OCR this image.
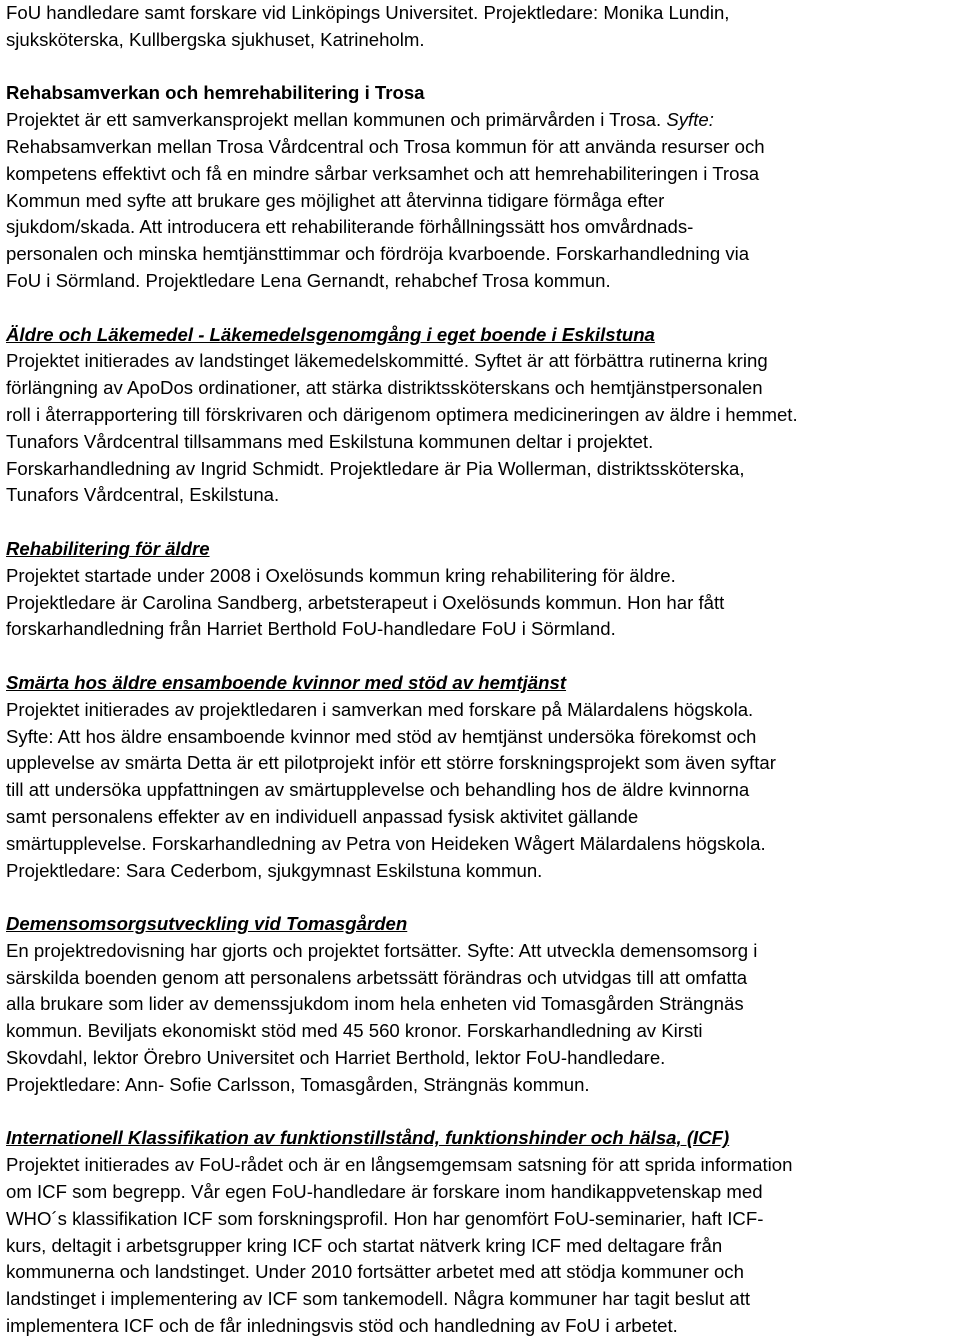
FoU handledare samt forskare vid Linköpings Universitet. Projektledare: Monika Lundin,
sjuksköterska, Kullbergska sjukhuset, Katrineholm.
Rehabsamverkan och hemrehabilitering i Trosa
Projektet är ett samverkansprojekt mellan kommunen och primärvården i Trosa. Syfte:
Rehabsamverkan mellan Trosa Vårdcentral och Trosa kommun för att använda resurser och
kompetens effektivt och få en mindre sårbar verksamhet och att hemrehabiliteringen i Trosa
Kommun med syfte att brukare ges möjlighet att återvinna tidigare förmåga efter
sjukdom/skada. Att introducera ett rehabiliterande förhållningssätt hos omvårdnads-
personalen och minska hemtjänsttimmar och fördröja kvarboende. Forskarhandledning via
FoU i Sörmland. Projektledare Lena Gernandt, rehabchef Trosa kommun.
Äldre och Läkemedel - Läkemedelsgenomgång i eget boende i Eskilstuna
Projektet initierades av landstinget läkemedelskommitté. Syftet är att förbättra rutinerna kring
förlängning av ApoDos ordinationer, att stärka distriktssköterskans och hemtjänstpersonalen
roll i återrapportering till förskrivaren och därigenom optimera medicineringen av äldre i hemmet.
Tunafors Vårdcentral tillsammans med Eskilstuna kommunen deltar i projektet.
Forskarhandledning av Ingrid Schmidt. Projektledare är Pia Wollerman, distriktssköterska,
Tunafors Vårdcentral, Eskilstuna.
Rehabilitering för äldre
Projektet startade under 2008 i Oxelösunds kommun kring rehabilitering för äldre.
Projektledare är Carolina Sandberg, arbetsterapeut i Oxelösunds kommun. Hon har fått
forskarhandledning från Harriet Berthold FoU-handledare FoU i Sörmland.
Smärta hos äldre ensamboende kvinnor med stöd av hemtjänst
Projektet initierades av projektledaren i samverkan med forskare på Mälardalens högskola.
Syfte: Att hos äldre ensamboende kvinnor med stöd av hemtjänst undersöka förekomst och
upplevelse av smärta Detta är ett pilotprojekt inför ett större forskningsprojekt som även syftar
till att undersöka uppfattningen av smärtupplevelse och behandling hos de äldre kvinnorna
samt personalens effekter av en individuell anpassad fysisk aktivitet gällande
smärtupplevelse. Forskarhandledning av Petra von Heideken Wågert Mälardalens högskola.
Projektledare: Sara Cederbom, sjukgymnast Eskilstuna kommun.
Demensomsorgsutveckling vid Tomasgården
En projektredovisning har gjorts och projektet fortsätter. Syfte: Att utveckla demensomsorg i
särskilda boenden genom att personalens arbetssätt förändras och utvidgas till att omfatta
alla brukare som lider av demenssjukdom inom hela enheten vid Tomasgården Strängnäs
kommun. Beviljats ekonomiskt stöd med 45 560 kronor. Forskarhandledning av Kirsti
Skovdahl, lektor Örebro Universitet och Harriet Berthold, lektor FoU-handledare.
Projektledare: Ann- Sofie Carlsson, Tomasgården, Strängnäs kommun.
Internationell Klassifikation av funktionstillstånd, funktionshinder och hälsa, (ICF)
Projektet initierades av FoU-rådet och är en långsemgemsam satsning för att sprida information
om ICF som begrepp. Vår egen FoU-handledare är forskare inom handikappvetenskap med
WHO´s klassifikation ICF som forskningsprofil. Hon har genomfört FoU-seminarier, haft ICF-
kurs, deltagit i arbetsgrupper kring ICF och startat nätverk kring ICF med deltagare från
kommunerna och landstinget. Under 2010 fortsätter arbetet med att stödja kommuner och
landstinget i implementering av ICF som tankemodell. Några kommuner har tagit beslut att
implementera ICF och de får inledningsvis stöd och handledning av FoU i arbetet.
